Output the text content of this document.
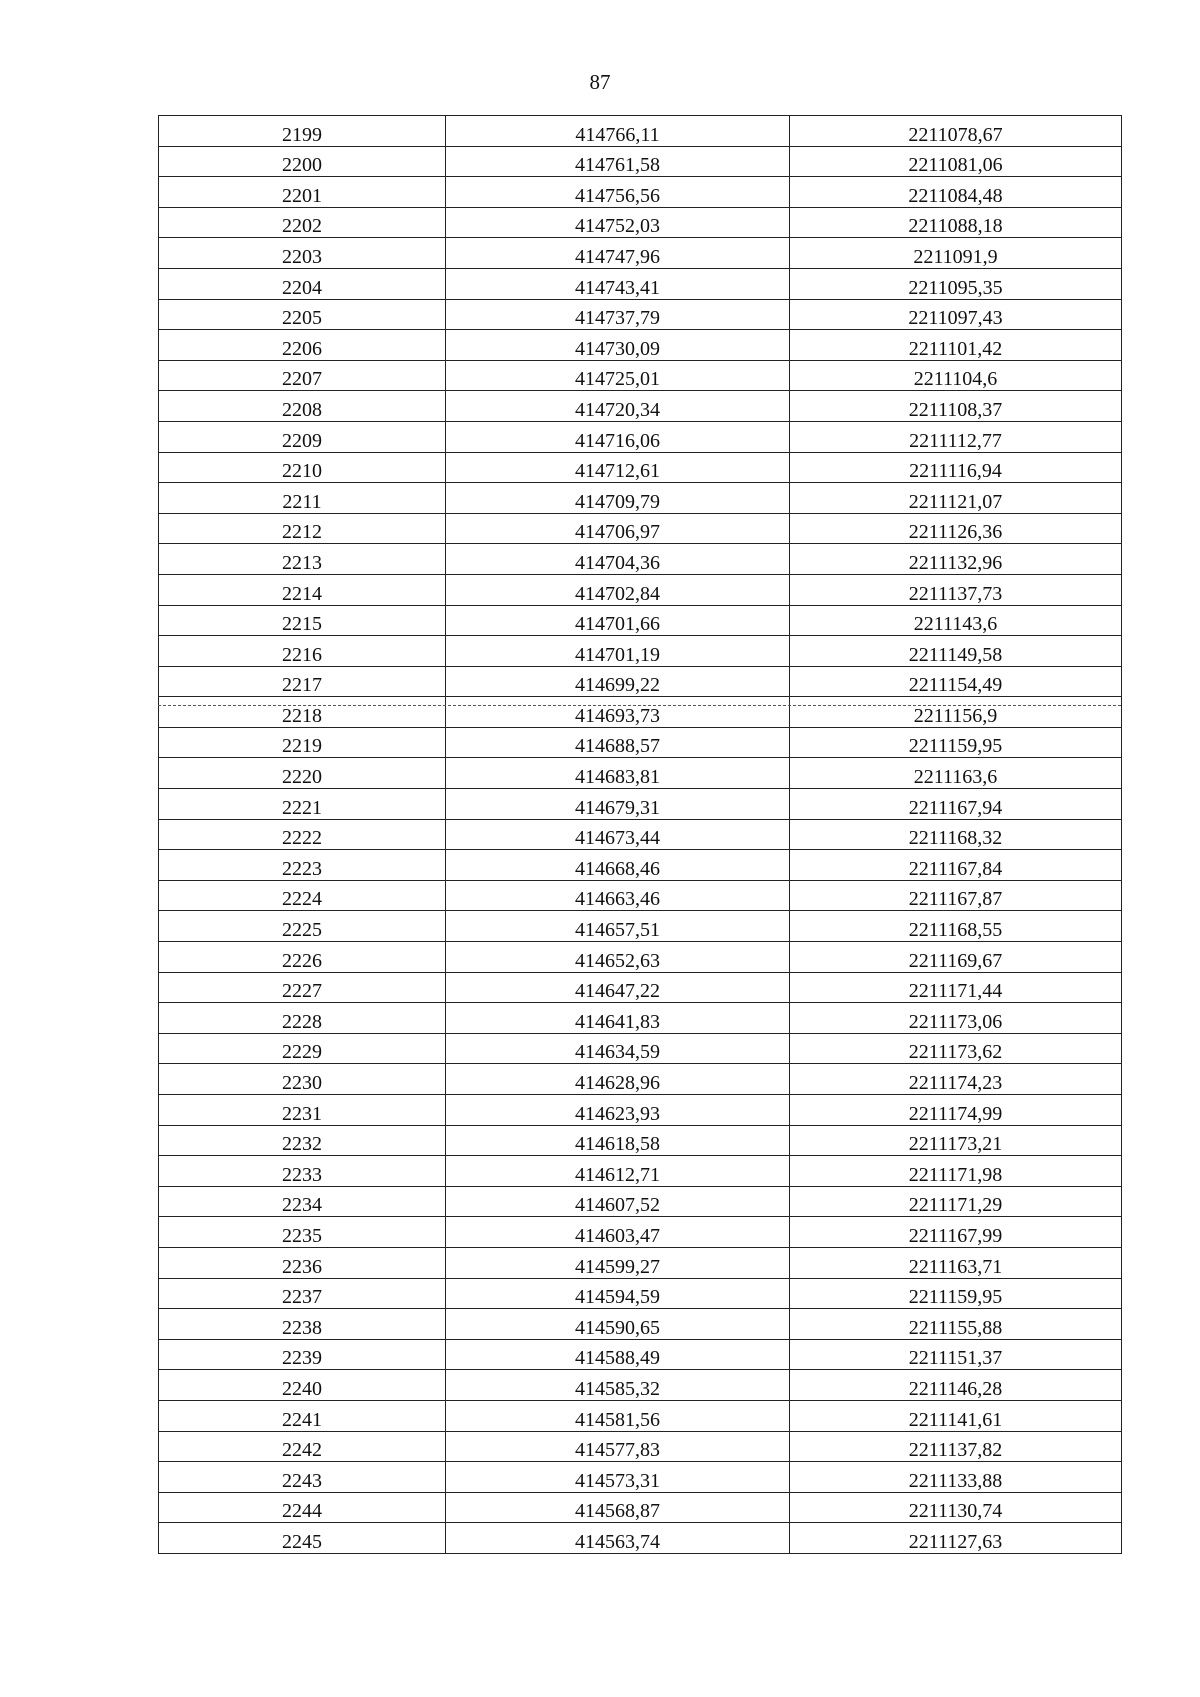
87
2199	414766,11	2211078,67
2200	414761,58	2211081,06
2201	414756,56	2211084,48
2202	414752,03	2211088,18
2203	414747,96	2211091,9
2204	414743,41	2211095,35
2205	414737,79	2211097,43
2206	414730,09	2211101,42
2207	414725,01	2211104,6
2208	414720,34	2211108,37
2209	414716,06	2211112,77
2210	414712,61	2211116,94
2211	414709,79	2211121,07
2212	414706,97	2211126,36
2213	414704,36	2211132,96
2214	414702,84	2211137,73
2215	414701,66	2211143,6
2216	414701,19	2211149,58
2217	414699,22	2211154,49
2218	414693,73	2211156,9
2219	414688,57	2211159,95
2220	414683,81	2211163,6
2221	414679,31	2211167,94
2222	414673,44	2211168,32
2223	414668,46	2211167,84
2224	414663,46	2211167,87
2225	414657,51	2211168,55
2226	414652,63	2211169,67
2227	414647,22	2211171,44
2228	414641,83	2211173,06
2229	414634,59	2211173,62
2230	414628,96	2211174,23
2231	414623,93	2211174,99
2232	414618,58	2211173,21
2233	414612,71	2211171,98
2234	414607,52	2211171,29
2235	414603,47	2211167,99
2236	414599,27	2211163,71
2237	414594,59	2211159,95
2238	414590,65	2211155,88
2239	414588,49	2211151,37
2240	414585,32	2211146,28
2241	414581,56	2211141,61
2242	414577,83	2211137,82
2243	414573,31	2211133,88
2244	414568,87	2211130,74
2245	414563,74	2211127,63
